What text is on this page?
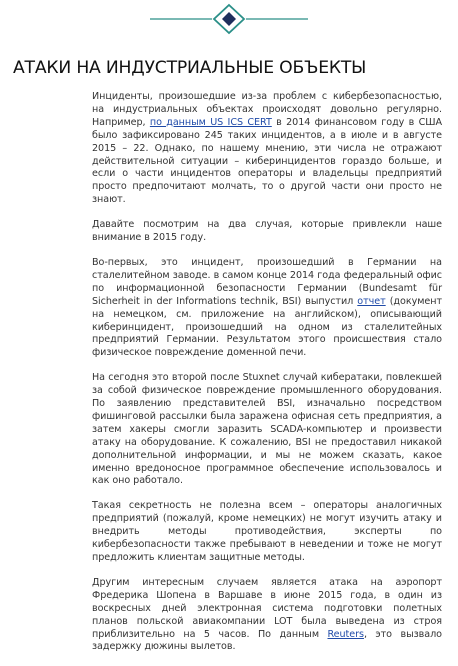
АТАКИ НА ИНДУСТРИАЛЬНЫЕ ОБЪЕКТЫ

Инциденты, произошедшие из-за проблем с кибербезопасностью, на индустриальных объектах происходят довольно регулярно. Например, по данным US ICS CERT в 2014 финансовом году в США было зафиксировано 245 таких инцидентов, а в июле и в августе 2015 – 22. Однако, по нашему мнению, эти числа не отражают действительной ситуации – киберинцидентов гораздо больше, и если о части инцидентов операторы и владельцы предприятий просто предпочитают молчать, то о другой части они просто не знают.

Давайте посмотрим на два случая, которые привлекли наше внимание в 2015 году.

Во-первых, это инцидент, произошедший в Германии на сталелитейном заводе. в самом конце 2014 года федеральный офис по информационной безопасности Германии (Bundesamt für Sicherheit in der Informations technik, BSI) выпустил отчет (документ на немецком, см. приложение на английском), описывающий киберинцидент, произошедший на одном из сталелитейных предприятий Германии. Результатом этого происшествия стало физическое повреждение доменной печи.

На сегодня это второй после Stuxnet случай кибератаки, повлекшей за собой физическое повреждение промышленного оборудования. По заявлению представителей BSI, изначально посредством фишинговой рассылки была заражена офисная сеть предприятия, а затем хакеры смогли заразить SCADA-компьютер и произвести атаку на оборудование. К сожалению, BSI не предоставил никакой дополнительной информации, и мы не можем сказать, какое именно вредоносное программное обеспечение использовалось и как оно работало.

Такая секретность не полезна всем – операторы аналогичных предприятий (пожалуй, кроме немецких) не могут изучить атаку и внедрить методы противодействия, эксперты по кибербезопасности также пребывают в неведении и тоже не могут предложить клиентам защитные методы.

Другим интересным случаем является атака на аэропорт Фредерика Шопена в Варшаве в июне 2015 года, в один из воскресных дней электронная система подготовки полетных планов польской авиакомпании LOT была выведена из строя приблизительно на 5 часов. По данным Reuters, это вызвало задержку дюжины вылетов.
